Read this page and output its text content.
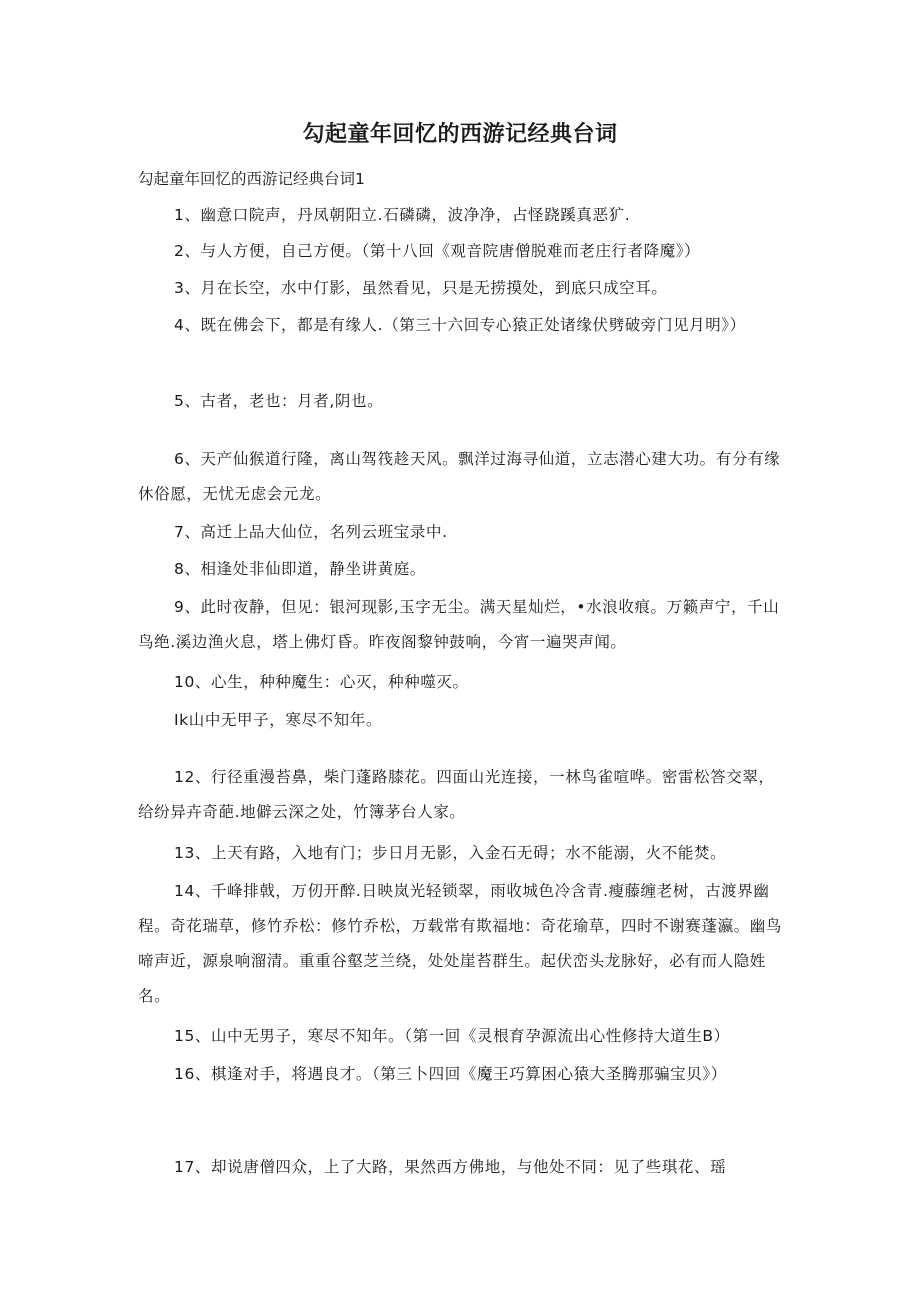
勾起童年回忆的西游记经典台词

勾起童年回忆的西游记经典台词1

1、幽意口院声，丹凤朝阳立.石磷磷，波净净，占怪跷蹊真恶犷.

2、与人方便，自己方便。（第十八回《观音院唐僧脱难而老庄行者降魔》）

3、月在长空，水中仃影，虽然看见，只是无捞摸处，到底只成空耳。

4、既在佛会下，都是有缘人.（第三十六回专心猿正处诸缘伏劈破旁门见月明》）

5、古者，老也：月者,阴也。

6、天产仙猴道行隆，离山驾筏趁天风。飘洋过海寻仙道，立志潜心建大功。有分有缘休俗愿，无忧无虑会元龙。

7、高迁上品大仙位，名列云班宝录中.

8、相逢处非仙即道，静坐讲黄庭。

9、此时夜静，但见：银河现影,玉字无尘。满天星灿烂，•水浪收痕。万籁声宁，千山鸟绝.溪边渔火息，塔上佛灯昏。昨夜阁黎钟鼓响，今宵一遍哭声闻。

10、心生，种种魔生：心灭，种种噬灭。

Ik山中无甲子，寒尽不知年。

12、行径重漫苔鼻，柴门蓬路膝花。四面山光连接，一林鸟雀喧哗。密雷松答交翠，给纷异卉奇葩.地僻云深之处，竹簿茅台人家。

13、上天有路，入地有门；步日月无影，入金石无碍；水不能溺，火不能焚。

14、千峰排戟，万仞开醉.日映岚光轻锁翠，雨收城色冷含青.瘦藤缠老树，古渡界幽程。奇花瑞草，修竹乔松：修竹乔松，万载常有欺福地：奇花瑜草，四时不谢赛蓬瀛。幽鸟啼声近，源泉响溜清。重重谷壑芝兰绕，处处崖苔群生。起伏峦头龙脉好，必有而人隐姓名。

15、山中无男子，寒尽不知年。（第一回《灵根育孕源流出心性修持大道生B）

16、棋逢对手，将遇良才。（第三卜四回《魔王巧算困心猿大圣腾那骗宝贝》）

17、却说唐僧四众，上了大路，果然西方佛地，与他处不同：见了些琪花、瑶
